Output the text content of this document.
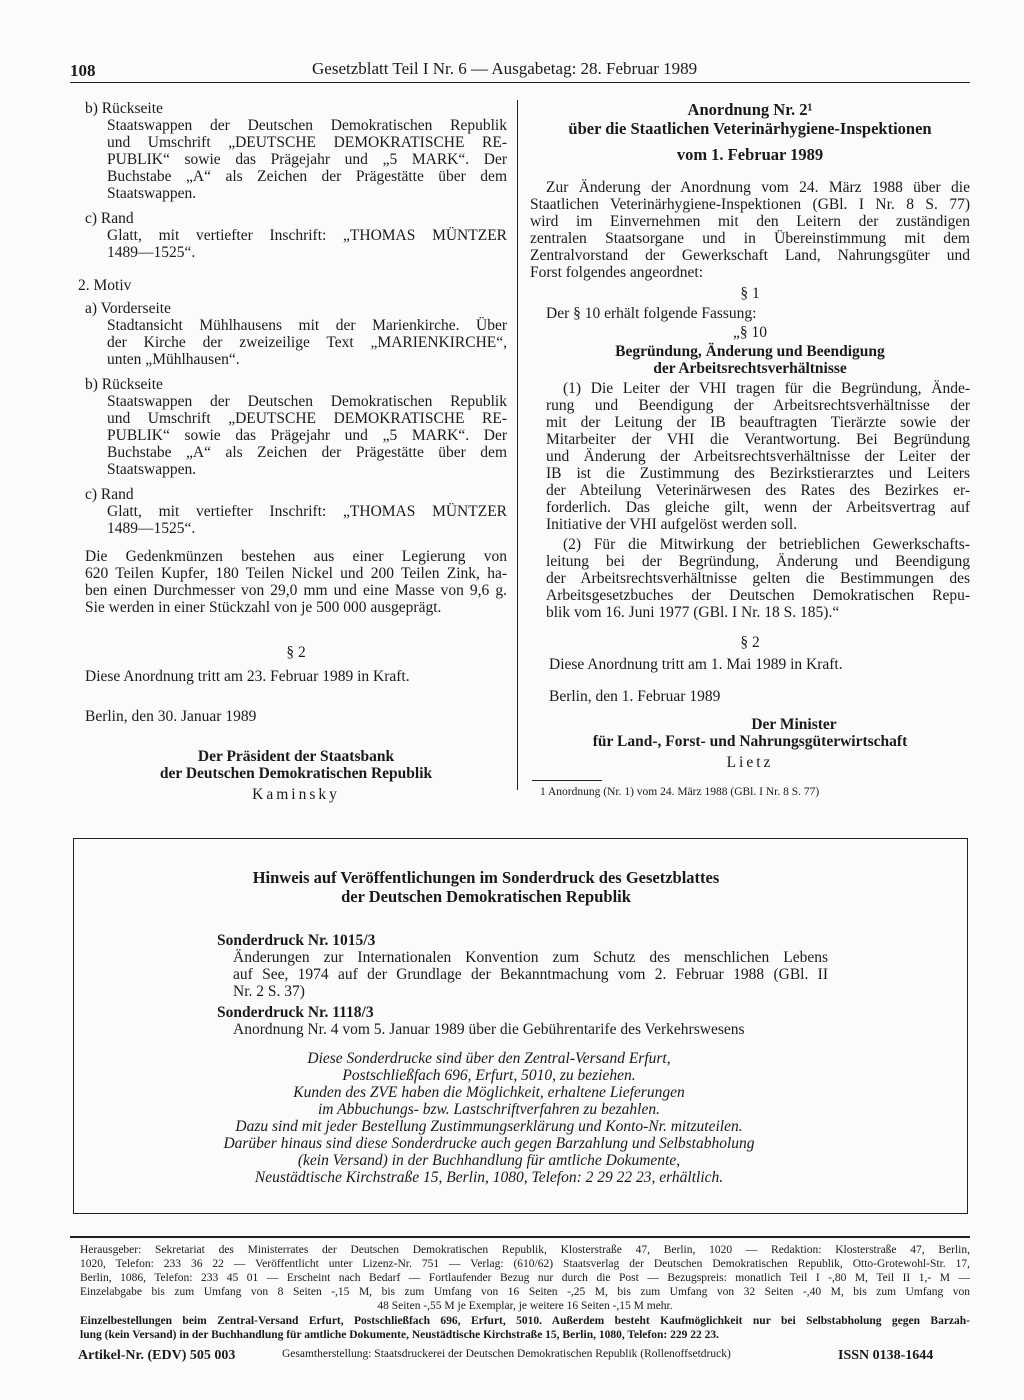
108	Gesetzblatt Teil I Nr. 6 — Ausgabetag: 28. Februar 1989
b) Rückseite
Staatswappen der Deutschen Demokratischen Republik
und Umschrift „DEUTSCHE DEMOKRATISCHE RE-
PUBLIK“ sowie das Prägejahr und „5 MARK“. Der
Buchstabe „A“ als Zeichen der Prägestätte über dem
Staatswappen.
c) Rand
Glatt, mit vertiefter Inschrift: „THOMAS MÜNTZER
1489—1525“.
2. Motiv
a) Vorderseite
Stadtansicht Mühlhausens mit der Marienkirche. Über
der Kirche der zweizeilige Text „MARIENKIRCHE“,
unten „Mühlhausen“.
b) Rückseite
Staatswappen der Deutschen Demokratischen Republik
und Umschrift „DEUTSCHE DEMOKRATISCHE RE-
PUBLIK“ sowie das Prägejahr und „5 MARK“. Der
Buchstabe „A“ als Zeichen der Prägestätte über dem
Staatswappen.
c) Rand
Glatt, mit vertiefter Inschrift: „THOMAS MÜNTZER
1489—1525“.
Die Gedenkmünzen bestehen aus einer Legierung von
620 Teilen Kupfer, 180 Teilen Nickel und 200 Teilen Zink, ha-
ben einen Durchmesser von 29,0 mm und eine Masse von 9,6 g.
Sie werden in einer Stückzahl von je 500 000 ausgeprägt.
§ 2
Diese Anordnung tritt am 23. Februar 1989 in Kraft.
Berlin, den 30. Januar 1989
Der Präsident der Staatsbank
der Deutschen Demokratischen Republik
Kaminsky
Anordnung Nr. 2¹
über die Staatlichen Veterinärhygiene-Inspektionen
vom 1. Februar 1989
Zur Änderung der Anordnung vom 24. März 1988 über die
Staatlichen Veterinärhygiene-Inspektionen (GBl. I Nr. 8 S. 77)
wird im Einvernehmen mit den Leitern der zuständigen
zentralen Staatsorgane und in Übereinstimmung mit dem
Zentralvorstand der Gewerkschaft Land, Nahrungsgüter und
Forst folgendes angeordnet:
§ 1
Der § 10 erhält folgende Fassung:
„§ 10
Begründung, Änderung und Beendigung
der Arbeitsrechtsverhältnisse
(1) Die Leiter der VHI tragen für die Begründung, Ände-
rung und Beendigung der Arbeitsrechtsverhältnisse der
mit der Leitung der IB beauftragten Tierärzte sowie der
Mitarbeiter der VHI die Verantwortung. Bei Begründung
und Änderung der Arbeitsrechtsverhältnisse der Leiter der
IB ist die Zustimmung des Bezirkstierarztes und Leiters
der Abteilung Veterinärwesen des Rates des Bezirkes er-
forderlich. Das gleiche gilt, wenn der Arbeitsvertrag auf
Initiative der VHI aufgelöst werden soll.
(2) Für die Mitwirkung der betrieblichen Gewerkschafts-
leitung bei der Begründung, Änderung und Beendigung
der Arbeitsrechtsverhältnisse gelten die Bestimmungen des
Arbeitsgesetzbuches der Deutschen Demokratischen Repu-
blik vom 16. Juni 1977 (GBl. I Nr. 18 S. 185).“
§ 2
Diese Anordnung tritt am 1. Mai 1989 in Kraft.
Berlin, den 1. Februar 1989
Der Minister
für Land-, Forst- und Nahrungsgüterwirtschaft
Lietz
1 Anordnung (Nr. 1) vom 24. März 1988 (GBl. I Nr. 8 S. 77)
Hinweis auf Veröffentlichungen im Sonderdruck des Gesetzblattes
der Deutschen Demokratischen Republik
Sonderdruck Nr. 1015/3
Änderungen zur Internationalen Konvention zum Schutz des menschlichen Lebens
auf See, 1974 auf der Grundlage der Bekanntmachung vom 2. Februar 1988 (GBl. II
Nr. 2 S. 37)
Sonderdruck Nr. 1118/3
Anordnung Nr. 4 vom 5. Januar 1989 über die Gebührentarife des Verkehrswesens
Diese Sonderdrucke sind über den Zentral-Versand Erfurt,
Postschließfach 696, Erfurt, 5010, zu beziehen.
Kunden des ZVE haben die Möglichkeit, erhaltene Lieferungen
im Abbuchungs- bzw. Lastschriftverfahren zu bezahlen.
Dazu sind mit jeder Bestellung Zustimmungserklärung und Konto-Nr. mitzuteilen.
Darüber hinaus sind diese Sonderdrucke auch gegen Barzahlung und Selbstabholung
(kein Versand) in der Buchhandlung für amtliche Dokumente,
Neustädtische Kirchstraße 15, Berlin, 1080, Telefon: 2 29 22 23, erhältlich.
Herausgeber: Sekretariat des Ministerrates der Deutschen Demokratischen Republik, Klosterstraße 47, Berlin, 1020 — Redaktion: Klosterstraße 47, Berlin,
1020, Telefon: 233 36 22 — Veröffentlicht unter Lizenz-Nr. 751 — Verlag: (610/62) Staatsverlag der Deutschen Demokratischen Republik, Otto-Grotewohl-Str. 17,
Berlin, 1086, Telefon: 233 45 01 — Erscheint nach Bedarf — Fortlaufender Bezug nur durch die Post — Bezugspreis: monatlich Teil I -,80 M, Teil II 1,- M —
Einzelabgabe bis zum Umfang von 8 Seiten -,15 M, bis zum Umfang von 16 Seiten -,25 M, bis zum Umfang von 32 Seiten -,40 M, bis zum Umfang von
48 Seiten -,55 M je Exemplar, je weitere 16 Seiten -,15 M mehr.
Einzelbestellungen beim Zentral-Versand Erfurt, Postschließfach 696, Erfurt, 5010. Außerdem besteht Kaufmöglichkeit nur bei Selbstabholung gegen Barzah-
lung (kein Versand) in der Buchhandlung für amtliche Dokumente, Neustädtische Kirchstraße 15, Berlin, 1080, Telefon: 229 22 23.
Artikel-Nr. (EDV) 505 003	Gesamtherstellung: Staatsdruckerei der Deutschen Demokratischen Republik (Rollenoffsetdruck)	ISSN 0138-1644
